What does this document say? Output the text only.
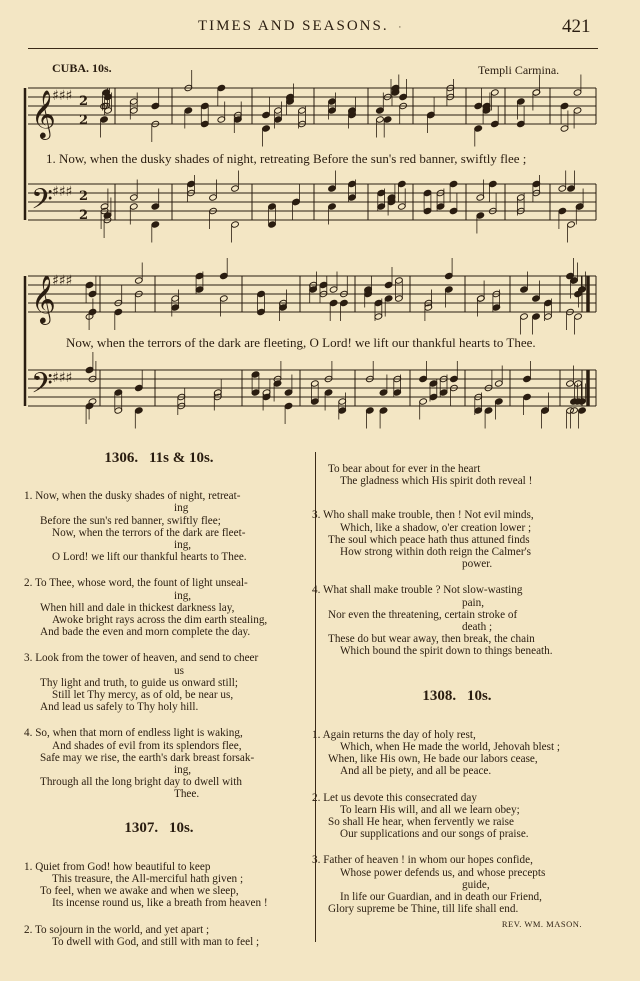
TIMES AND SEASONS. ·	421
CUBA. 10s.	Templi Carmina.
𝄞
𝄢
𝄞
𝄢
♯♯♯
♯♯♯
♯♯♯
♯♯♯
2
2
2
2
1. Now, when the dusky shades of night, retreating Before the sun's red banner, swiftly flee ;
Now, when the terrors of the dark are fleeting, O Lord! we lift our thankful hearts to Thee.
1306. 11s & 10s.
1. Now, when the dusky shades of night, retreat-
ing
Before the sun's red banner, swiftly flee;
Now, when the terrors of the dark are fleet-
ing,
O Lord! we lift our thankful hearts to Thee.
2. To Thee, whose word, the fount of light unseal-
ing,
When hill and dale in thickest darkness lay,
Awoke bright rays across the dim earth stealing,
And bade the even and morn complete the day.
3. Look from the tower of heaven, and send to cheer
us
Thy light and truth, to guide us onward still;
Still let Thy mercy, as of old, be near us,
And lead us safely to Thy holy hill.
4. So, when that morn of endless light is waking,
And shades of evil from its splendors flee,
Safe may we rise, the earth's dark breast forsak-
ing,
Through all the long bright day to dwell with
Thee.
1307. 10s.
1. Quiet from God! how beautiful to keep
This treasure, the All-merciful hath given ;
To feel, when we awake and when we sleep,
Its incense round us, like a breath from heaven !
2. To sojourn in the world, and yet apart ;
To dwell with God, and still with man to feel ;
To bear about for ever in the heart
The gladness which His spirit doth reveal !
3. Who shall make trouble, then ! Not evil minds,
Which, like a shadow, o'er creation lower ;
The soul which peace hath thus attuned finds
How strong within doth reign the Calmer's
power.
4. What shall make trouble ? Not slow-wasting
pain,
Nor even the threatening, certain stroke of
death ;
These do but wear away, then break, the chain
Which bound the spirit down to things beneath.
1308. 10s.
1. Again returns the day of holy rest,
Which, when He made the world, Jehovah blest ;
When, like His own, He bade our labors cease,
And all be piety, and all be peace.
2. Let us devote this consecrated day
To learn His will, and all we learn obey;
So shall He hear, when fervently we raise
Our supplications and our songs of praise.
3. Father of heaven ! in whom our hopes confide,
Whose power defends us, and whose precepts
guide,
In life our Guardian, and in death our Friend,
Glory supreme be Thine, till life shall end.
REV. WM. MASON.
